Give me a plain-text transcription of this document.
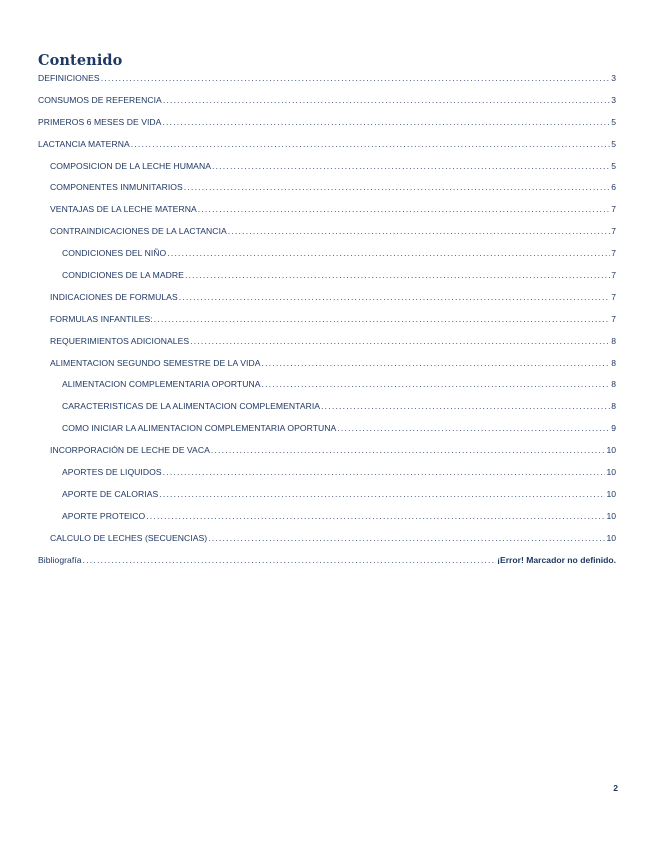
Contenido
DEFINICIONES .....	3
CONSUMOS DE REFERENCIA .....	3
PRIMEROS 6 MESES DE VIDA .....	5
LACTANCIA MATERNA .....	5
COMPOSICION DE LA LECHE HUMANA .....	5
COMPONENTES INMUNITARIOS .....	6
VENTAJAS DE LA LECHE MATERNA .....	7
CONTRAINDICACIONES DE LA LACTANCIA .....	7
CONDICIONES DEL NIÑO .....	7
CONDICIONES DE LA MADRE .....	7
INDICACIONES DE FORMULAS .....	7
FORMULAS INFANTILES: .....	7
REQUERIMIENTOS ADICIONALES .....	8
ALIMENTACION SEGUNDO SEMESTRE DE LA VIDA .....	8
ALIMENTACION COMPLEMENTARIA OPORTUNA .....	8
CARACTERISTICAS DE LA ALIMENTACION COMPLEMENTARIA .....	8
COMO INICIAR LA ALIMENTACION COMPLEMENTARIA OPORTUNA .....	9
INCORPORACIÓN DE LECHE DE VACA .....	10
APORTES DE LIQUIDOS .....	10
APORTE DE CALORIAS .....	10
APORTE PROTEICO .....	10
CALCULO DE LECHES (SECUENCIAS) .....	10
Bibliografía .....	¡Error! Marcador no definido.
2
